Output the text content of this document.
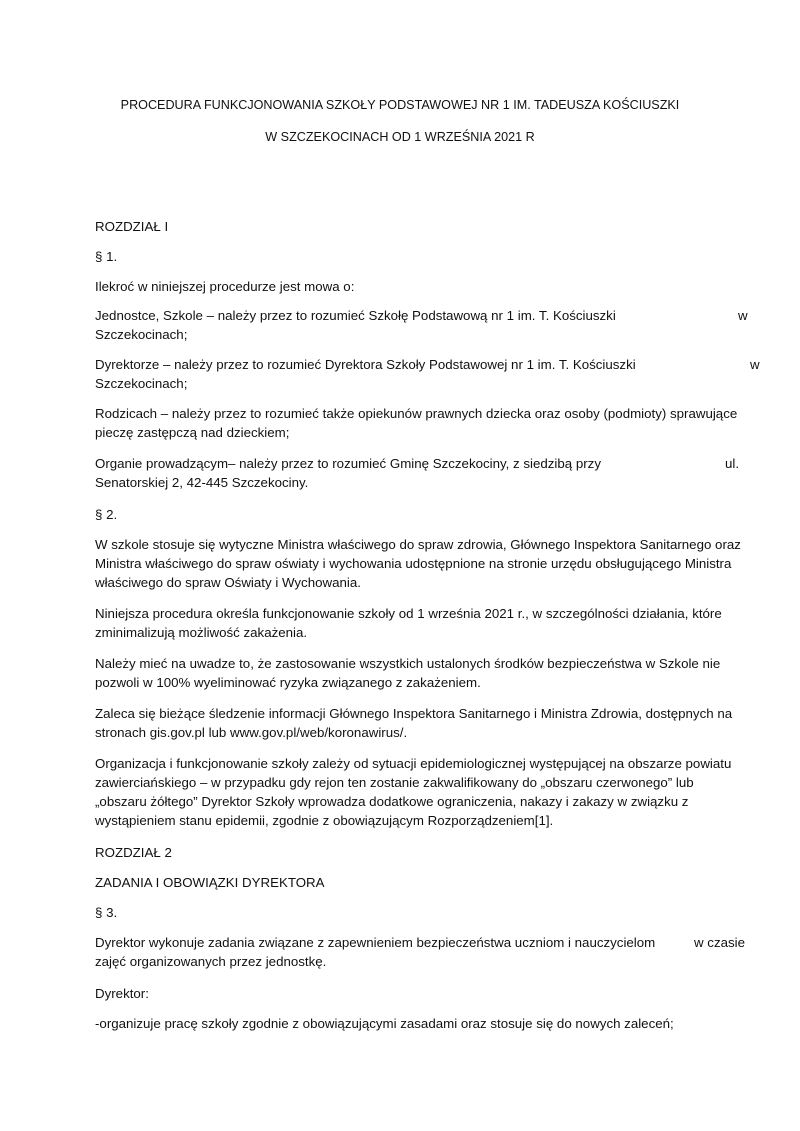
PROCEDURA FUNKCJONOWANIA SZKOŁY PODSTAWOWEJ NR 1 IM. TADEUSZA KOŚCIUSZKI
W SZCZEKOCINACH OD 1 WRZEŚNIA 2021 R
ROZDZIAŁ I
§ 1.
Ilekroć w niniejszej procedurze jest mowa o:
Jednostce, Szkole – należy przez to rozumieć Szkołę Podstawową nr 1 im. T. Kościuszki	w
Szczekocinach;
Dyrektorze – należy przez to rozumieć Dyrektora Szkoły Podstawowej nr 1 im. T. Kościuszki	w
Szczekocinach;
Rodzicach – należy przez to rozumieć także opiekunów prawnych dziecka oraz osoby (podmioty) sprawujące
pieczę zastępczą nad dzieckiem;
Organie prowadzącym– należy przez to rozumieć Gminę Szczekociny, z siedzibą przy	ul.
Senatorskiej 2, 42-445 Szczekociny.
§ 2.
W szkole stosuje się wytyczne Ministra właściwego do spraw zdrowia, Głównego Inspektora Sanitarnego oraz
Ministra właściwego do spraw oświaty i wychowania udostępnione na stronie urzędu obsługującego Ministra
właściwego do spraw Oświaty i Wychowania.
Niniejsza procedura określa funkcjonowanie szkoły od 1 września 2021 r., w szczególności działania, które
zminimalizują możliwość zakażenia.
Należy mieć na uwadze to, że zastosowanie wszystkich ustalonych środków bezpieczeństwa w Szkole nie
pozwoli w 100% wyeliminować ryzyka związanego z zakażeniem.
Zaleca się bieżące śledzenie informacji Głównego Inspektora Sanitarnego i Ministra Zdrowia, dostępnych na
stronach gis.gov.pl lub www.gov.pl/web/koronawirus/.
Organizacja i funkcjonowanie szkoły zależy od sytuacji epidemiologicznej występującej na obszarze powiatu
zawierciańskiego – w przypadku gdy rejon ten zostanie zakwalifikowany do „obszaru czerwonego” lub
„obszaru żółtego” Dyrektor Szkoły wprowadza dodatkowe ograniczenia, nakazy i zakazy w związku z
wystąpieniem stanu epidemii, zgodnie z obowiązującym Rozporządzeniem[1].
ROZDZIAŁ 2
ZADANIA I OBOWIĄZKI DYREKTORA
§ 3.
Dyrektor wykonuje zadania związane z zapewnieniem bezpieczeństwa uczniom i nauczycielom	w czasie
zajęć organizowanych przez jednostkę.
Dyrektor:
-organizuje pracę szkoły zgodnie z obowiązującymi zasadami oraz stosuje się do nowych zaleceń;
